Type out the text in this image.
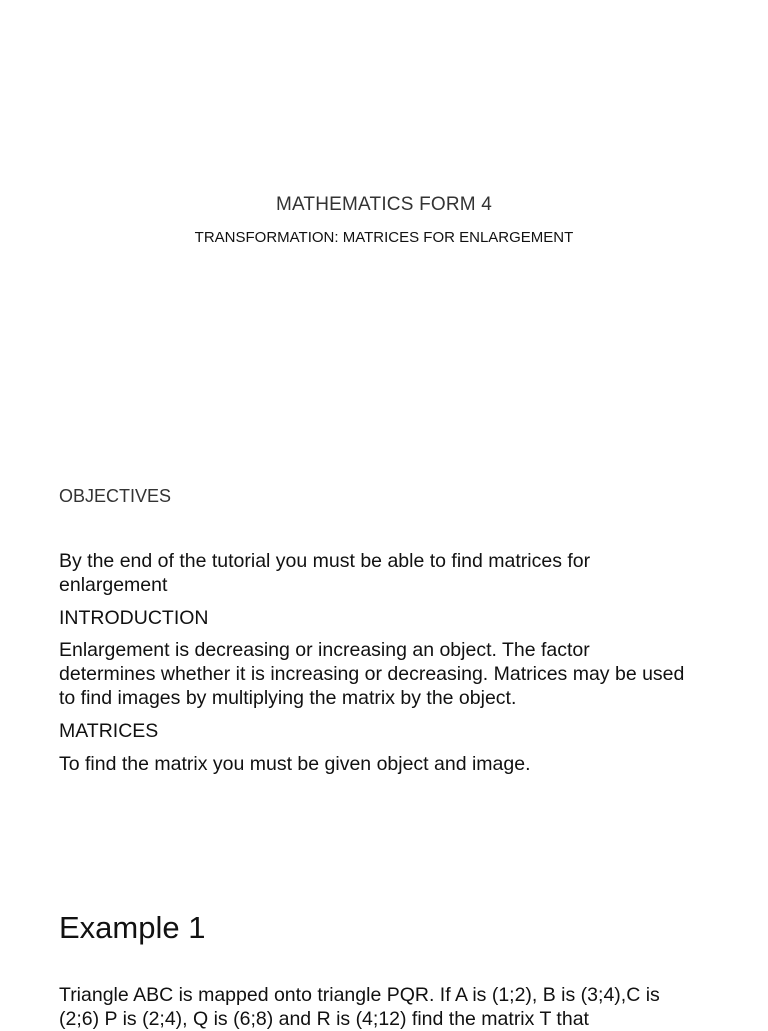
MATHEMATICS FORM 4
TRANSFORMATION: MATRICES FOR ENLARGEMENT
OBJECTIVES
By the end of the tutorial you must be able to find matrices for enlargement
INTRODUCTION
Enlargement is decreasing or increasing an object. The factor determines whether it is increasing or decreasing. Matrices may be used to find images by multiplying the matrix by the object.
MATRICES
To find the matrix you must be given object and image.
Example 1
Triangle ABC is mapped onto triangle PQR. If A is (1;2), B is (3;4),C is (2;6) P is (2;4), Q is (6;8) and R is (4;12) find the matrix T that
